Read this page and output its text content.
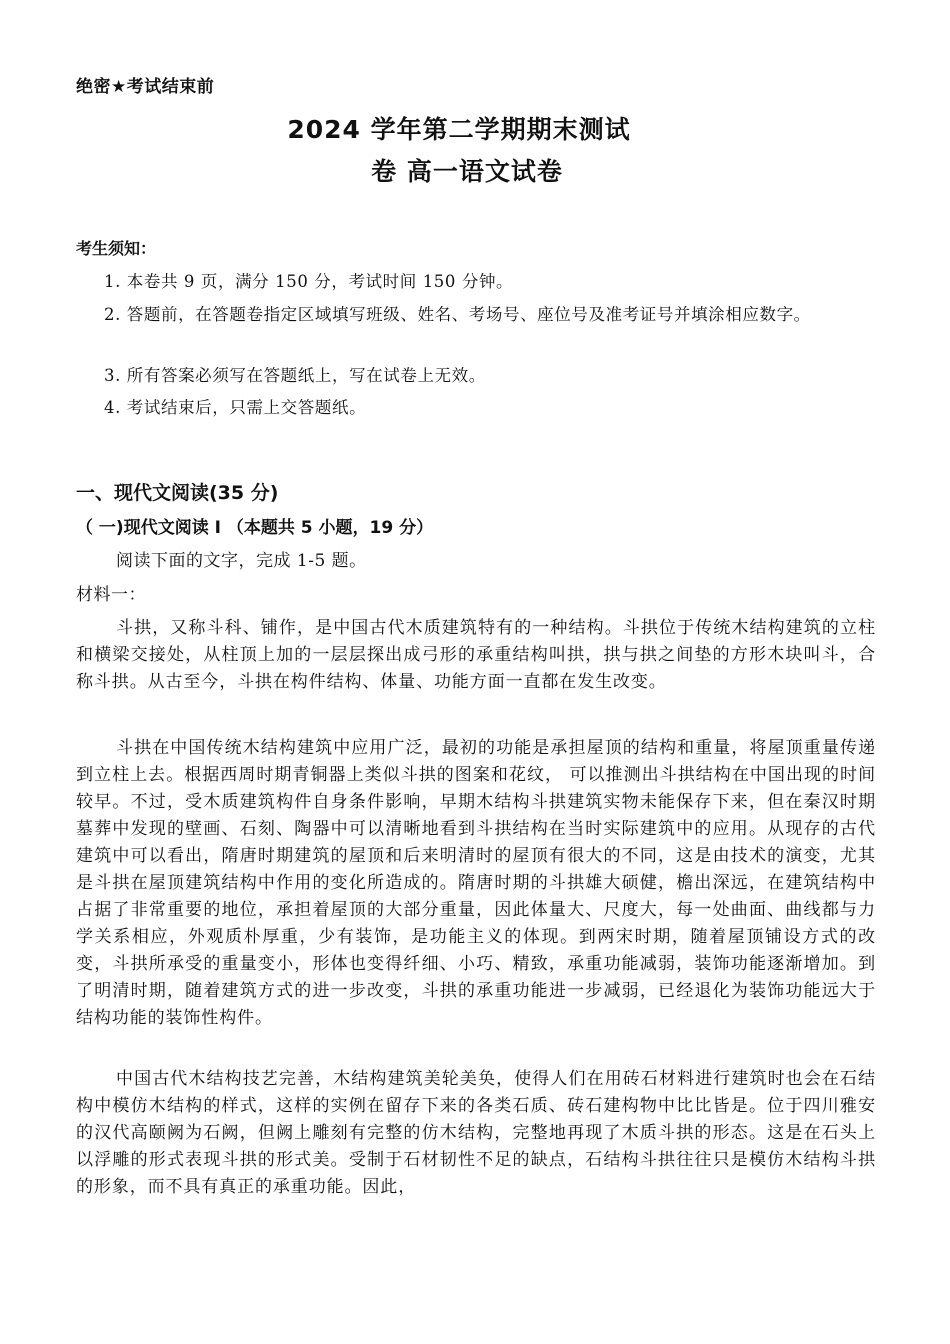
绝密★考试结束前
2024 学年第二学期期末测试
卷 高一语文试卷
考生须知：
1. 本卷共 9 页，满分 150 分，考试时间 150 分钟。
2. 答题前，在答题卷指定区域填写班级、姓名、考场号、座位号及准考证号并填涂相应数字。
3. 所有答案必须写在答题纸上，写在试卷上无效。
4. 考试结束后，只需上交答题纸。
一、现代文阅读(35 分)
（ 一)现代文阅读 I （本题共 5 小题，19 分）
阅读下面的文字，完成 1-5 题。
材料一：

斗拱，又称斗科、铺作，是中国古代木质建筑特有的一种结构。斗拱位于传统木结构建筑的立柱和横梁交接处，从柱顶上加的一层层探出成弓形的承重结构叫拱，拱与拱之间垫的方形木块叫斗，合称斗拱。从古至今，斗拱在构件结构、体量、功能方面一直都在发生改变。

斗拱在中国传统木结构建筑中应用广泛，最初的功能是承担屋顶的结构和重量，将屋顶重量传递到立柱上去。根据西周时期青铜器上类似斗拱的图案和花纹， 可以推测出斗拱结构在中国出现的时间较早。不过，受木质建筑构件自身条件影响，早期木结构斗拱建筑实物未能保存下来，但在秦汉时期墓葬中发现的壁画、石刻、陶器中可以清晰地看到斗拱结构在当时实际建筑中的应用。从现存的古代建筑中可以看出，隋唐时期建筑的屋顶和后来明清时的屋顶有很大的不同，这是由技术的演变，尤其是斗拱在屋顶建筑结构中作用的变化所造成的。隋唐时期的斗拱雄大硕健，檐出深远，在建筑结构中占据了非常重要的地位，承担着屋顶的大部分重量，因此体量大、尺度大，每一处曲面、曲线都与力学关系相应，外观质朴厚重，少有装饰，是功能主义的体现。到两宋时期，随着屋顶铺设方式的改变，斗拱所承受的重量变小，形体也变得纤细、小巧、精致，承重功能减弱，装饰功能逐渐增加。到了明清时期，随着建筑方式的进一步改变，斗拱的承重功能进一步减弱，已经退化为装饰功能远大于结构功能的装饰性构件。

中国古代木结构技艺完善，木结构建筑美轮美奂，使得人们在用砖石材料进行建筑时也会在石结构中模仿木结构的样式，这样的实例在留存下来的各类石质、砖石建构物中比比皆是。位于四川雅安的汉代高颐阙为石阙，但阙上雕刻有完整的仿木结构，完整地再现了木质斗拱的形态。这是在石头上以浮雕的形式表现斗拱的形式美。受制于石材韧性不足的缺点，石结构斗拱往往只是模仿木结构斗拱的形象，而不具有真正的承重功能。因此，
